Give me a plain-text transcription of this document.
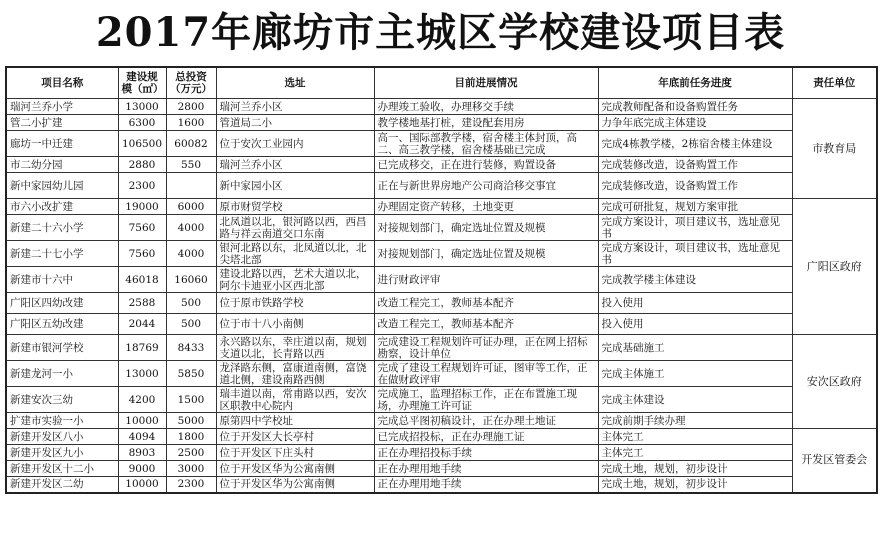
2017年廊坊市主城区学校建设项目表
项目名称	建设规模（㎡）	总投资（万元）	选址	目前进展情况	年底前任务进度	责任单位
瑞河兰乔小学	13000	2800	瑞河兰乔小区	办理竣工验收，办理移交手续	完成教师配备和设备购置任务	市教育局
管二小扩建	6300	1600	管道局二小	教学楼地基打桩，建设配套用房	力争年底完成主体建设	
廊坊一中迁建	106500	60082	位于安次工业园内	高一、国际部教学楼，宿舍楼主体封顶，高二、高三教学楼，宿舍楼基础已完成	完成4栋教学楼，2栋宿舍楼主体建设	
市二幼分园	2880	550	瑞河兰乔小区	已完成移交，正在进行装修，购置设备	完成装修改造，设备购置工作	
新中家园幼儿园	2300		新中家园小区	正在与新世界房地产公司商洽移交事宜	完成装修改造，设备购置工作	
市六小改扩建	19000	6000	原市财贸学校	办理固定资产转移，土地变更	完成可研批复，规划方案审批	广阳区政府
新建二十六小学	7560	4000	北凤道以北，银河路以西，西昌路与祥云南道交口东南	对接规划部门，确定选址位置及规模	完成方案设计，项目建议书，选址意见书	
新建二十七小学	7560	4000	银河北路以东，北凤道以北，北尖塔北部	对接规划部门，确定选址位置及规模	完成方案设计，项目建议书，选址意见书	
新建市十六中	46018	16060	建设北路以西，艺术大道以北，阿尔卡迪亚小区西北部	进行财政评审	完成教学楼主体建设	
广阳区四幼改建	2588	500	位于原市铁路学校	改造工程完工，教师基本配齐	投入使用	
广阳区五幼改建	2044	500	位于市十八小南侧	改造工程完工，教师基本配齐	投入使用	
新建市银河学校	18769	8433	永兴路以东，幸庄道以南，规划支道以北，长青路以西	完成建设工程规划许可证办理，正在网上招标勘察，设计单位	完成基础施工	安次区政府
新建龙河一小	13000	5850	龙泽路东侧，富康道南侧，富饶道北侧，建设南路西侧	完成了建设工程规划许可证，图审等工作，正在做财政评审	完成主体施工	
新建安次三幼	4200	1500	瑞丰道以南，常甫路以西，安次区职教中心院内	完成施工，监理招标工作，正在布置施工现场，办理施工许可证	完成主体建设	
扩建市实验一小	10000	5000	原第四中学校址	完成总平图初稿设计，正在办理土地证	完成前期手续办理	
新建开发区八小	4094	1800	位于开发区大长亭村	已完成招投标，正在办理施工证	主体完工	开发区管委会
新建开发区九小	8903	2500	位于开发区下庄头村	正在办理招投标手续	主体完工	
新建开发区十二小	9000	3000	位于开发区华为公寓南侧	正在办理用地手续	完成土地，规划，初步设计	
新建开发区二幼	10000	2300	位于开发区华为公寓南侧	正在办理用地手续	完成土地，规划，初步设计	
